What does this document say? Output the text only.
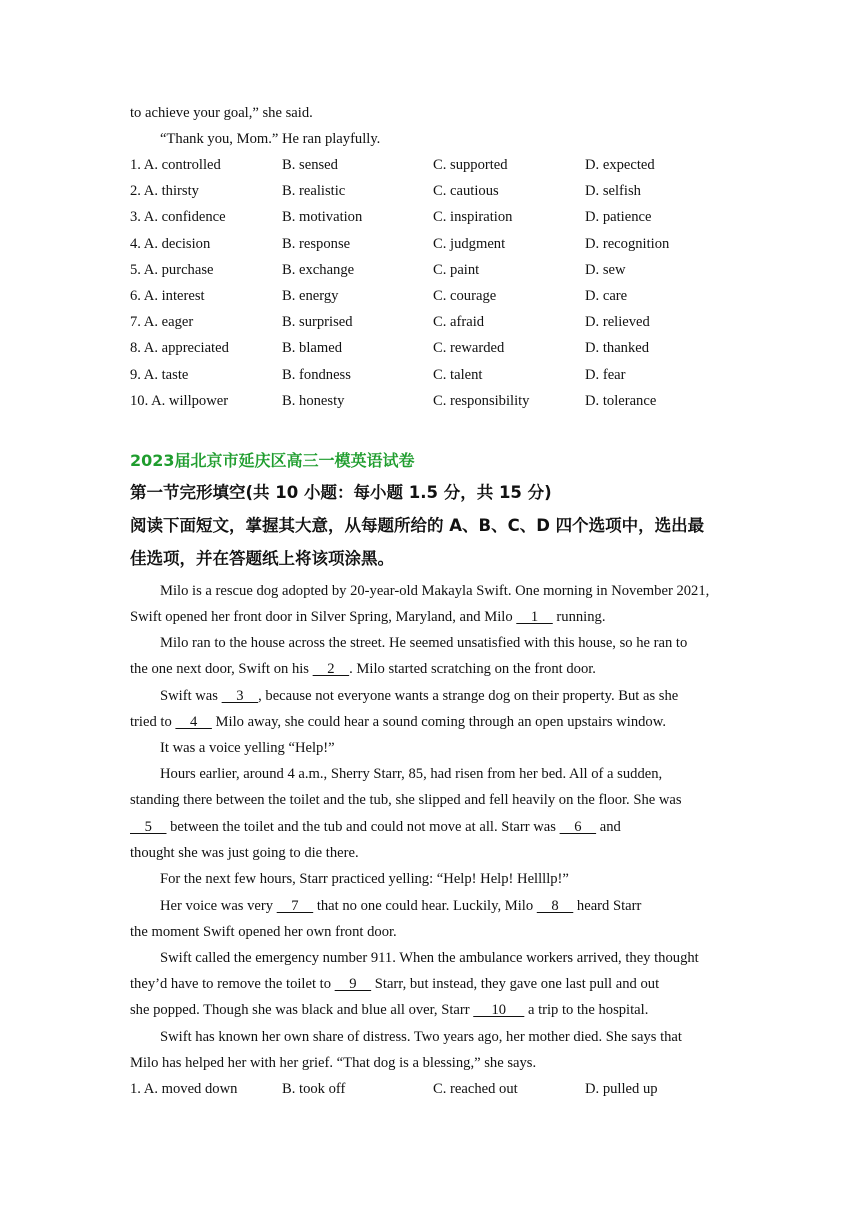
to achieve your goal,” she said.
“Thank you, Mom.” He ran playfully.
1. A. controlled	B. sensed	C. supported	D. expected
2. A. thirsty	B. realistic	C. cautious	D. selfish
3. A. confidence	B. motivation	C. inspiration	D. patience
4. A. decision	B. response	C. judgment	D. recognition
5. A. purchase	B. exchange	C. paint	D. sew
6. A. interest	B. energy	C. courage	D. care
7. A. eager	B. surprised	C. afraid	D. relieved
8. A. appreciated	B. blamed	C. rewarded	D. thanked
9. A. taste	B. fondness	C. talent	D. fear
10. A. willpower	B. honesty	C. responsibility	D. tolerance
2023届北京市延庆区高三一模英语试卷
第一节完形填空(共 10 小题：每小题 1.5 分，共 15 分)
阅读下面短文，掌握其大意，从每题所给的 A、B、C、D 四个选项中，选出最
佳选项，并在答题纸上将该项涂黑。
Milo is a rescue dog adopted by 20-year-old Makayla Swift. One morning in November 2021,
Swift opened her front door in Silver Spring, Maryland, and Milo     1     running.
Milo ran to the house across the street. He seemed unsatisfied with this house, so he ran to
the one next door, Swift on his     2    . Milo started scratching on the front door.
Swift was     3    , because not everyone wants a strange dog on their property. But as she
tried to     4     Milo away, she could hear a sound coming through an open upstairs window.
It was a voice yelling “Help!”
Hours earlier, around 4 a.m., Sherry Starr, 85, had risen from her bed. All of a sudden,
standing there between the toilet and the tub, she slipped and fell heavily on the floor. She was
5     between the toilet and the tub and could not move at all. Starr was     6     and
thought she was just going to die there.
For the next few hours, Starr practiced yelling: “Help! Help! Hellllp!”
Her voice was very     7     that no one could hear. Luckily, Milo     8     heard Starr
the moment Swift opened her own front door.
Swift called the emergency number 911. When the ambulance workers arrived, they thought
they’d have to remove the toilet to     9     Starr, but instead, they gave one last pull and out
she popped. Though she was black and blue all over, Starr      10      a trip to the hospital.
Swift has known her own share of distress. Two years ago, her mother died. She says that
Milo has helped her with her grief. “That dog is a blessing,” she says.
1. A. moved down	B. took off	C. reached out	D. pulled up
